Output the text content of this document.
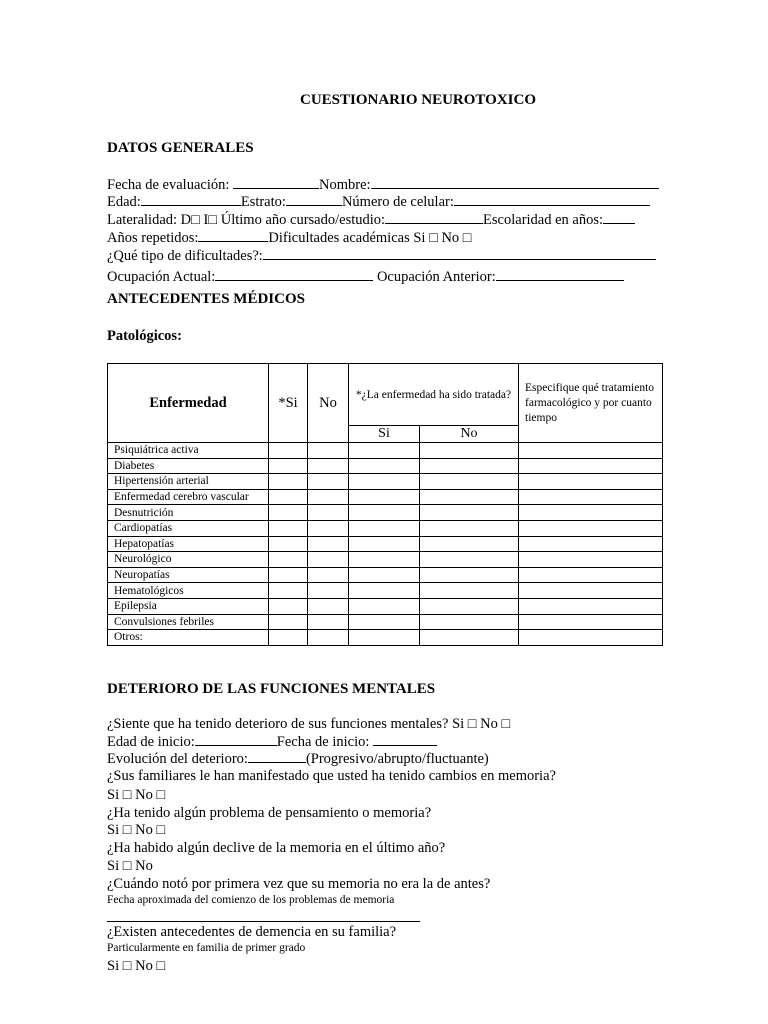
CUESTIONARIO NEUROTOXICO
DATOS GENERALES
Fecha de evaluación:	Nombre:
Edad:	Estrato:	Número de celular:
Lateralidad: D□ I□ Último año cursado/estudio:	Escolaridad en años:
Años repetidos:	Dificultades académicas Si □ No □
¿Qué tipo de dificultades?:
Ocupación Actual:	Ocupación Anterior:
ANTECEDENTES MÉDICOS
Patológicos:
Enfermedad	*Si	No	*¿La enfermedad ha sido tratada?		Especifique qué tratamiento farmacológico y por cuanto tiempo
			Si	No	
Psiquiátrica activa					
Diabetes					
Hipertensión arterial					
Enfermedad cerebro vascular					
Desnutrición					
Cardiopatías					
Hepatopatías					
Neurológico					
Neuropatías					
Hematológicos					
Epilepsia					
Convulsiones febriles					
Otros:					
DETERIORO DE LAS FUNCIONES MENTALES
¿Siente que ha tenido deterioro de sus funciones mentales? Si □ No □
Edad de inicio:	Fecha de inicio:
Evolución del deterioro:	(Progresivo/abrupto/fluctuante)
¿Sus familiares le han manifestado que usted ha tenido cambios en memoria?
Si □ No □
¿Ha tenido algún problema de pensamiento o memoria?
Si □ No □
¿Ha habido algún declive de la memoria en el último año?
Si □ No
¿Cuándo notó por primera vez que su memoria no era la de antes?
Fecha aproximada del comienzo de los problemas de memoria
¿Existen antecedentes de demencia en su familia?
Particularmente en familia de primer grado
Si □ No □
